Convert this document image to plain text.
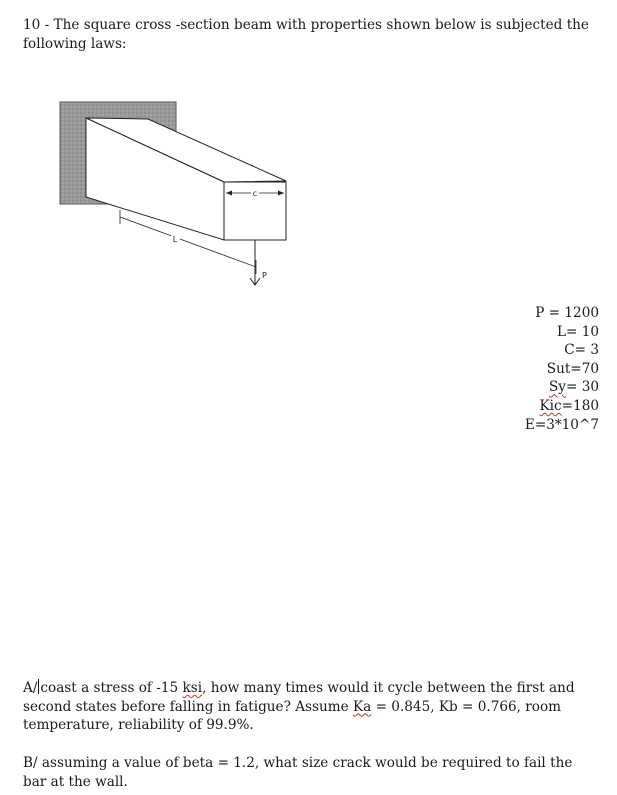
10 - The square cross -section beam with properties shown below is subjected the following laws:
c
L
P
P = 1200
L= 10
C= 3
Sut=70
Sy= 30
Kic=180
E=3*10^7
A/ coast a stress of -15 ksi, how many times would it cycle between the first and second states before falling in fatigue? Assume Ka = 0.845, Kb = 0.766, room temperature, reliability of 99.9%.
B/ assuming a value of beta = 1.2, what size crack would be required to fail the bar at the wall.
